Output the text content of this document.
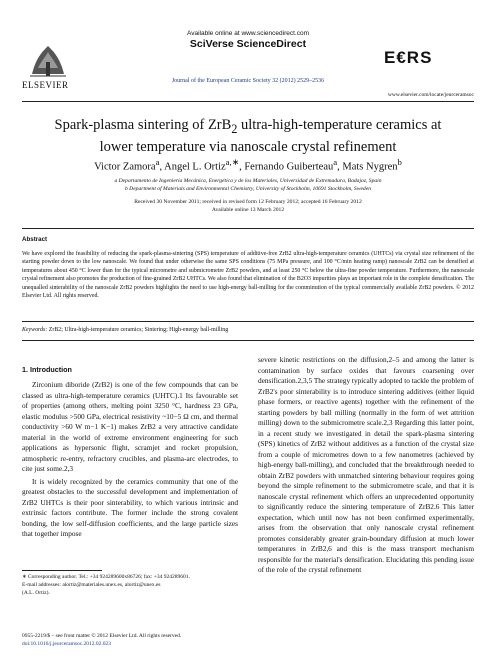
ELSEVIER
Available online at www.sciencedirect.com
SciVerse ScienceDirect
Journal of the European Ceramic Society 32 (2012) 2529–2536
E€RS
www.elsevier.com/locate/jeurceramsoc
Spark-plasma sintering of ZrB$_2$ ultra-high-temperature ceramics at lower temperature via nanoscale crystal refinement
Victor Zamora$^a$, Angel L. Ortiz$^{a,∗}$, Fernando Guiberteau$^a$, Mats Nygren$^b$
a Departamento de Ingeniería Mecánica, Energética y de los Materiales, Universidad de Extremadura, Badajoz, Spain
b Department of Materials and Environmental Chemistry, University of Stockholm, 10691 Stockholm, Sweden
Received 30 November 2011; received in revised form 12 February 2012; accepted 16 February 2012
Available online 13 March 2012
Abstract
We have explored the feasibility of reducing the spark-plasma-sintering (SPS) temperature of additive-free ZrB2 ultra-high-temperature ceramics (UHTCs) via crystal size refinement of the starting powder down to the low nanoscale. We found that under otherwise the same SPS conditions (75 MPa pressure, and 100 °C/min heating ramp) nanoscale ZrB2 can be densified at temperatures about 450 °C lower than for the typical micrometre and submicrometre ZrB2 powders, and at least 250 °C below the ultra-fine powder temperature. Furthermore, the nanoscale crystal refinement also promotes the production of fine-grained ZrB2 UHTCs. We also found that elimination of the B2O3 impurities plays an important role in the complete densification. The unequalled sinterability of the nanoscale ZrB2 powders highlights the need to use high-energy ball-milling for the comminution of the typical commercially available ZrB2 powders. © 2012 Elsevier Ltd. All rights reserved.
Keywords: ZrB2; Ultra-high-temperature ceramics; Sintering; High-energy ball-milling
1. Introduction

Zirconium diboride (ZrB2) is one of the few compounds that can be classed as ultra-high-temperature ceramics (UHTC).1 Its favourable set of properties (among others, melting point 3250 °C, hardness 23 GPa, elastic modulus >500 GPa, electrical resistivity ~10−5 Ω cm, and thermal conductivity >60 W m−1 K−1) makes ZrB2 a very attractive candidate material in the world of extreme environment engineering for such applications as hypersonic flight, scramjet and rocket propulsion, atmospheric re-entry, refractory crucibles, and plasma-arc electrodes, to cite just some.2,3

It is widely recognized by the ceramics community that one of the greatest obstacles to the successful development and implementation of ZrB2 UHTCs is their poor sinterability, to which various intrinsic and extrinsic factors contribute. The former include the strong covalent bonding, the low self-diffusion coefficients, and the large particle sizes that together impose

severe kinetic restrictions on the diffusion,2–5 and among the latter is contamination by surface oxides that favours coarsening over densification.2,3,5 The strategy typically adopted to tackle the problem of ZrB2's poor sinterability is to introduce sintering additives (either liquid phase formers, or reactive agents) together with the refinement of the starting powders by ball milling (normally in the form of wet attrition milling) down to the submicrometre scale.2,3 Regarding this latter point, in a recent study we investigated in detail the spark-plasma sintering (SPS) kinetics of ZrB2 without additives as a function of the crystal size from a couple of micrometres down to a few nanometres (achieved by high-energy ball-milling), and concluded that the breakthrough needed to obtain ZrB2 powders with unmatched sintering behaviour requires going beyond the simple refinement to the submicrometre scale, and that it is nanoscale crystal refinement which offers an unprecedented opportunity to significantly reduce the sintering temperature of ZrB2.6 This latter expectation, which until now has not been confirmed experimentally, arises from the observation that only nanoscale crystal refinement promotes considerably greater grain-boundary diffusion at much lower temperatures in ZrB2,6 and this is the mass transport mechanism responsible for the material's densification. Elucidating this pending issue of the role of the crystal refinement

∗ Corresponding author. Tel.: +34 924289600x86726; fax: +34 924289601.
E-mail addresses: alortiz@materiales.unex.es, alortiz@unex.es
(A.L. Ortiz).
0955-2219/$ – see front matter © 2012 Elsevier Ltd. All rights reserved.
doi:10.1016/j.jeurceramsoc.2012.02.023
